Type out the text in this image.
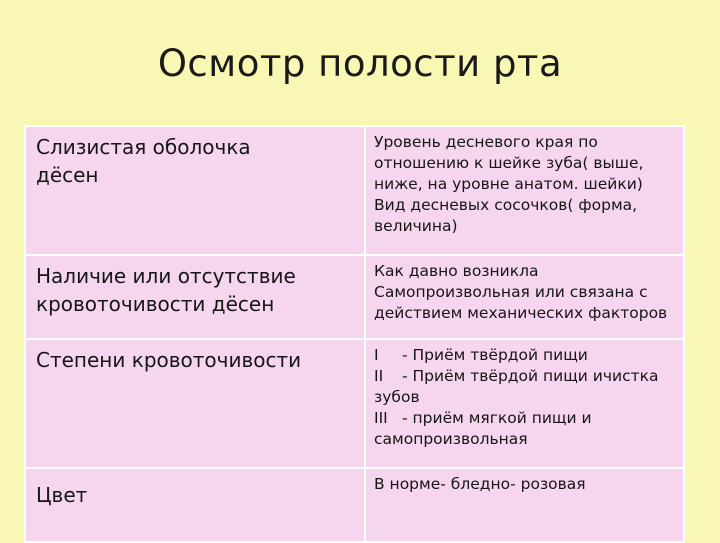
Осмотр полости рта
Слизистая оболочка
дёсен	Уровень десневого края по
отношению к шейке зуба( выше,
ниже, на уровне анатом. шейки)
Вид десневых сосочков( форма,
величина)

Наличие или отсутствие
кровоточивости дёсен	Как давно возникла
Самопроизвольная или связана с
действием механических факторов

Степени кровоточивости	I - Приём твёрдой пищи
II - Приём твёрдой пищи ичистка
зубов
III - приём мягкой пищи и
самопроизвольная

Цвет	В норме- бледно- розовая
